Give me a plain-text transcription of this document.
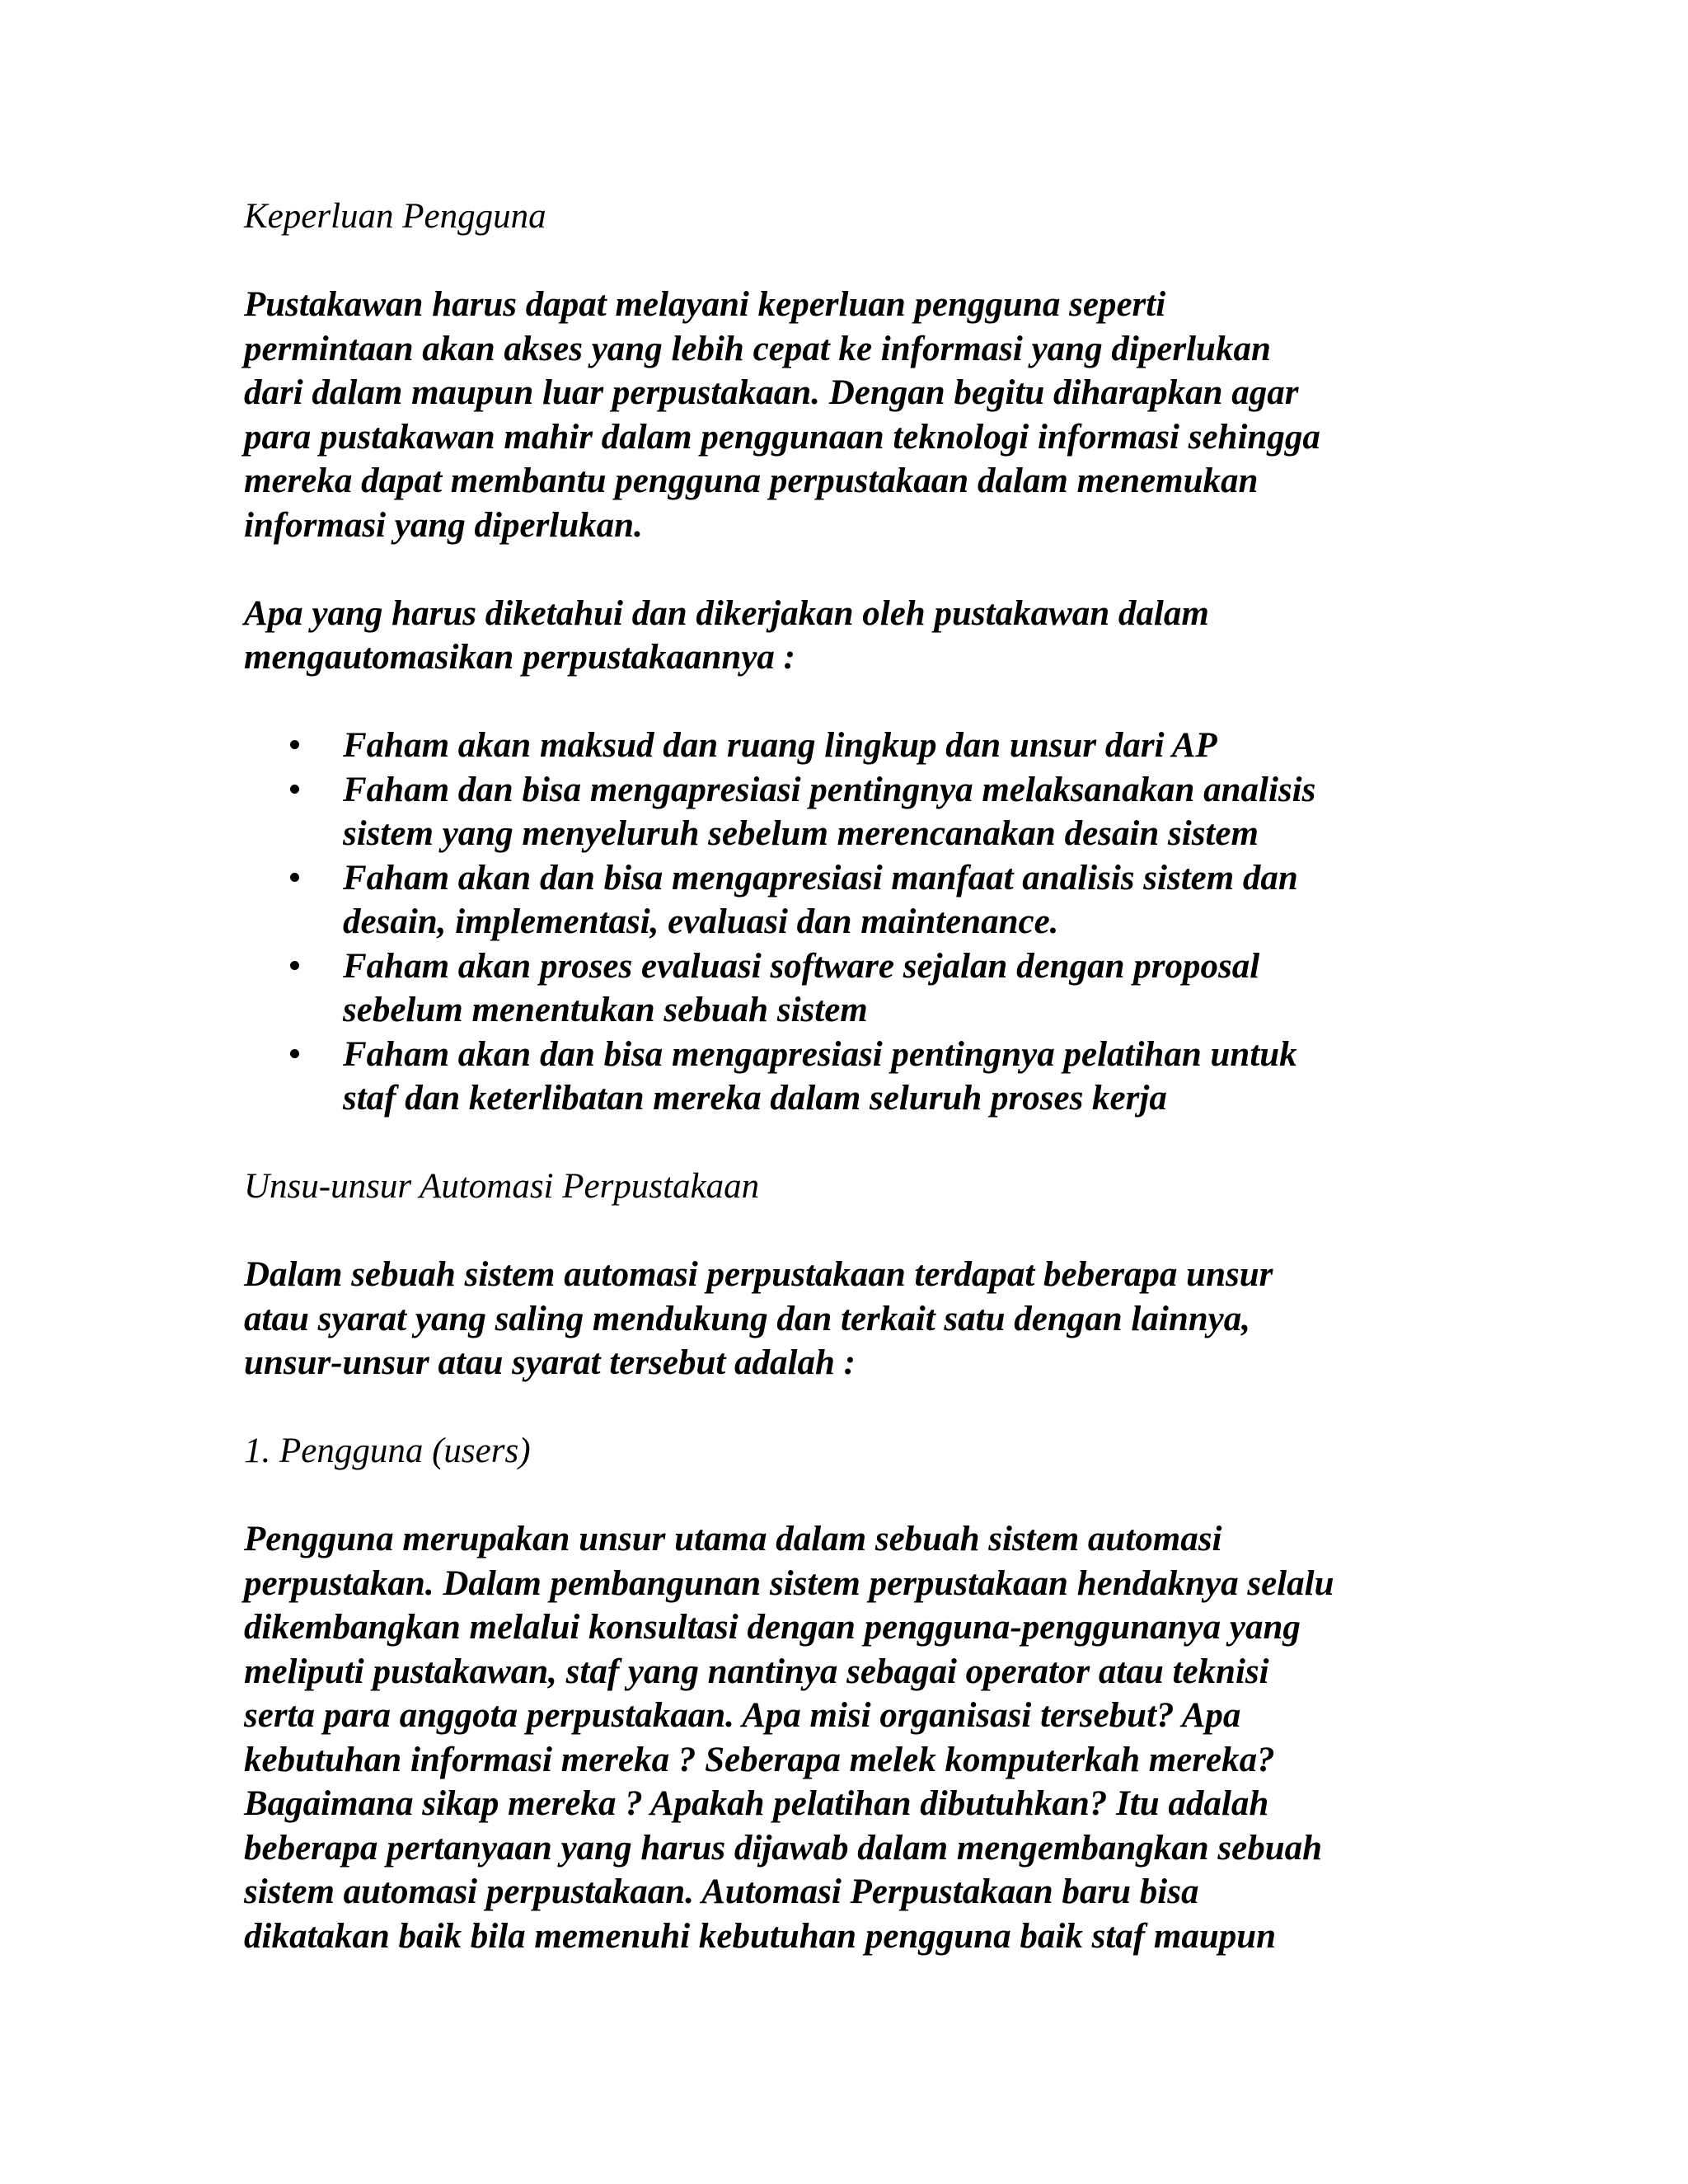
Keperluan Pengguna

Pustakawan harus dapat melayani keperluan pengguna seperti
permintaan akan akses yang lebih cepat ke informasi yang diperlukan
dari dalam maupun luar perpustakaan. Dengan begitu diharapkan agar
para pustakawan mahir dalam penggunaan teknologi informasi sehingga
mereka dapat membantu pengguna perpustakaan dalam menemukan
informasi yang diperlukan.

Apa yang harus diketahui dan dikerjakan oleh pustakawan dalam
mengautomasikan perpustakaannya :

Faham akan maksud dan ruang lingkup dan unsur dari AP
Faham dan bisa mengapresiasi pentingnya melaksanakan analisis
sistem yang menyeluruh sebelum merencanakan desain sistem
Faham akan dan bisa mengapresiasi manfaat analisis sistem dan
desain, implementasi, evaluasi dan maintenance.
Faham akan proses evaluasi software sejalan dengan proposal
sebelum menentukan sebuah sistem
Faham akan dan bisa mengapresiasi pentingnya pelatihan untuk
staf dan keterlibatan mereka dalam seluruh proses kerja

Unsu-unsur Automasi Perpustakaan

Dalam sebuah sistem automasi perpustakaan terdapat beberapa unsur
atau syarat yang saling mendukung dan terkait satu dengan lainnya,
unsur-unsur atau syarat tersebut adalah :

1. Pengguna (users)

Pengguna merupakan unsur utama dalam sebuah sistem automasi
perpustakan. Dalam pembangunan sistem perpustakaan hendaknya selalu
dikembangkan melalui konsultasi dengan pengguna-penggunanya yang
meliputi pustakawan, staf yang nantinya sebagai operator atau teknisi
serta para anggota perpustakaan. Apa misi organisasi tersebut? Apa
kebutuhan informasi mereka ? Seberapa melek komputerkah mereka?
Bagaimana sikap mereka ? Apakah pelatihan dibutuhkan? Itu adalah
beberapa pertanyaan yang harus dijawab dalam mengembangkan sebuah
sistem automasi perpustakaan. Automasi Perpustakaan baru bisa
dikatakan baik bila memenuhi kebutuhan pengguna baik staf maupun
